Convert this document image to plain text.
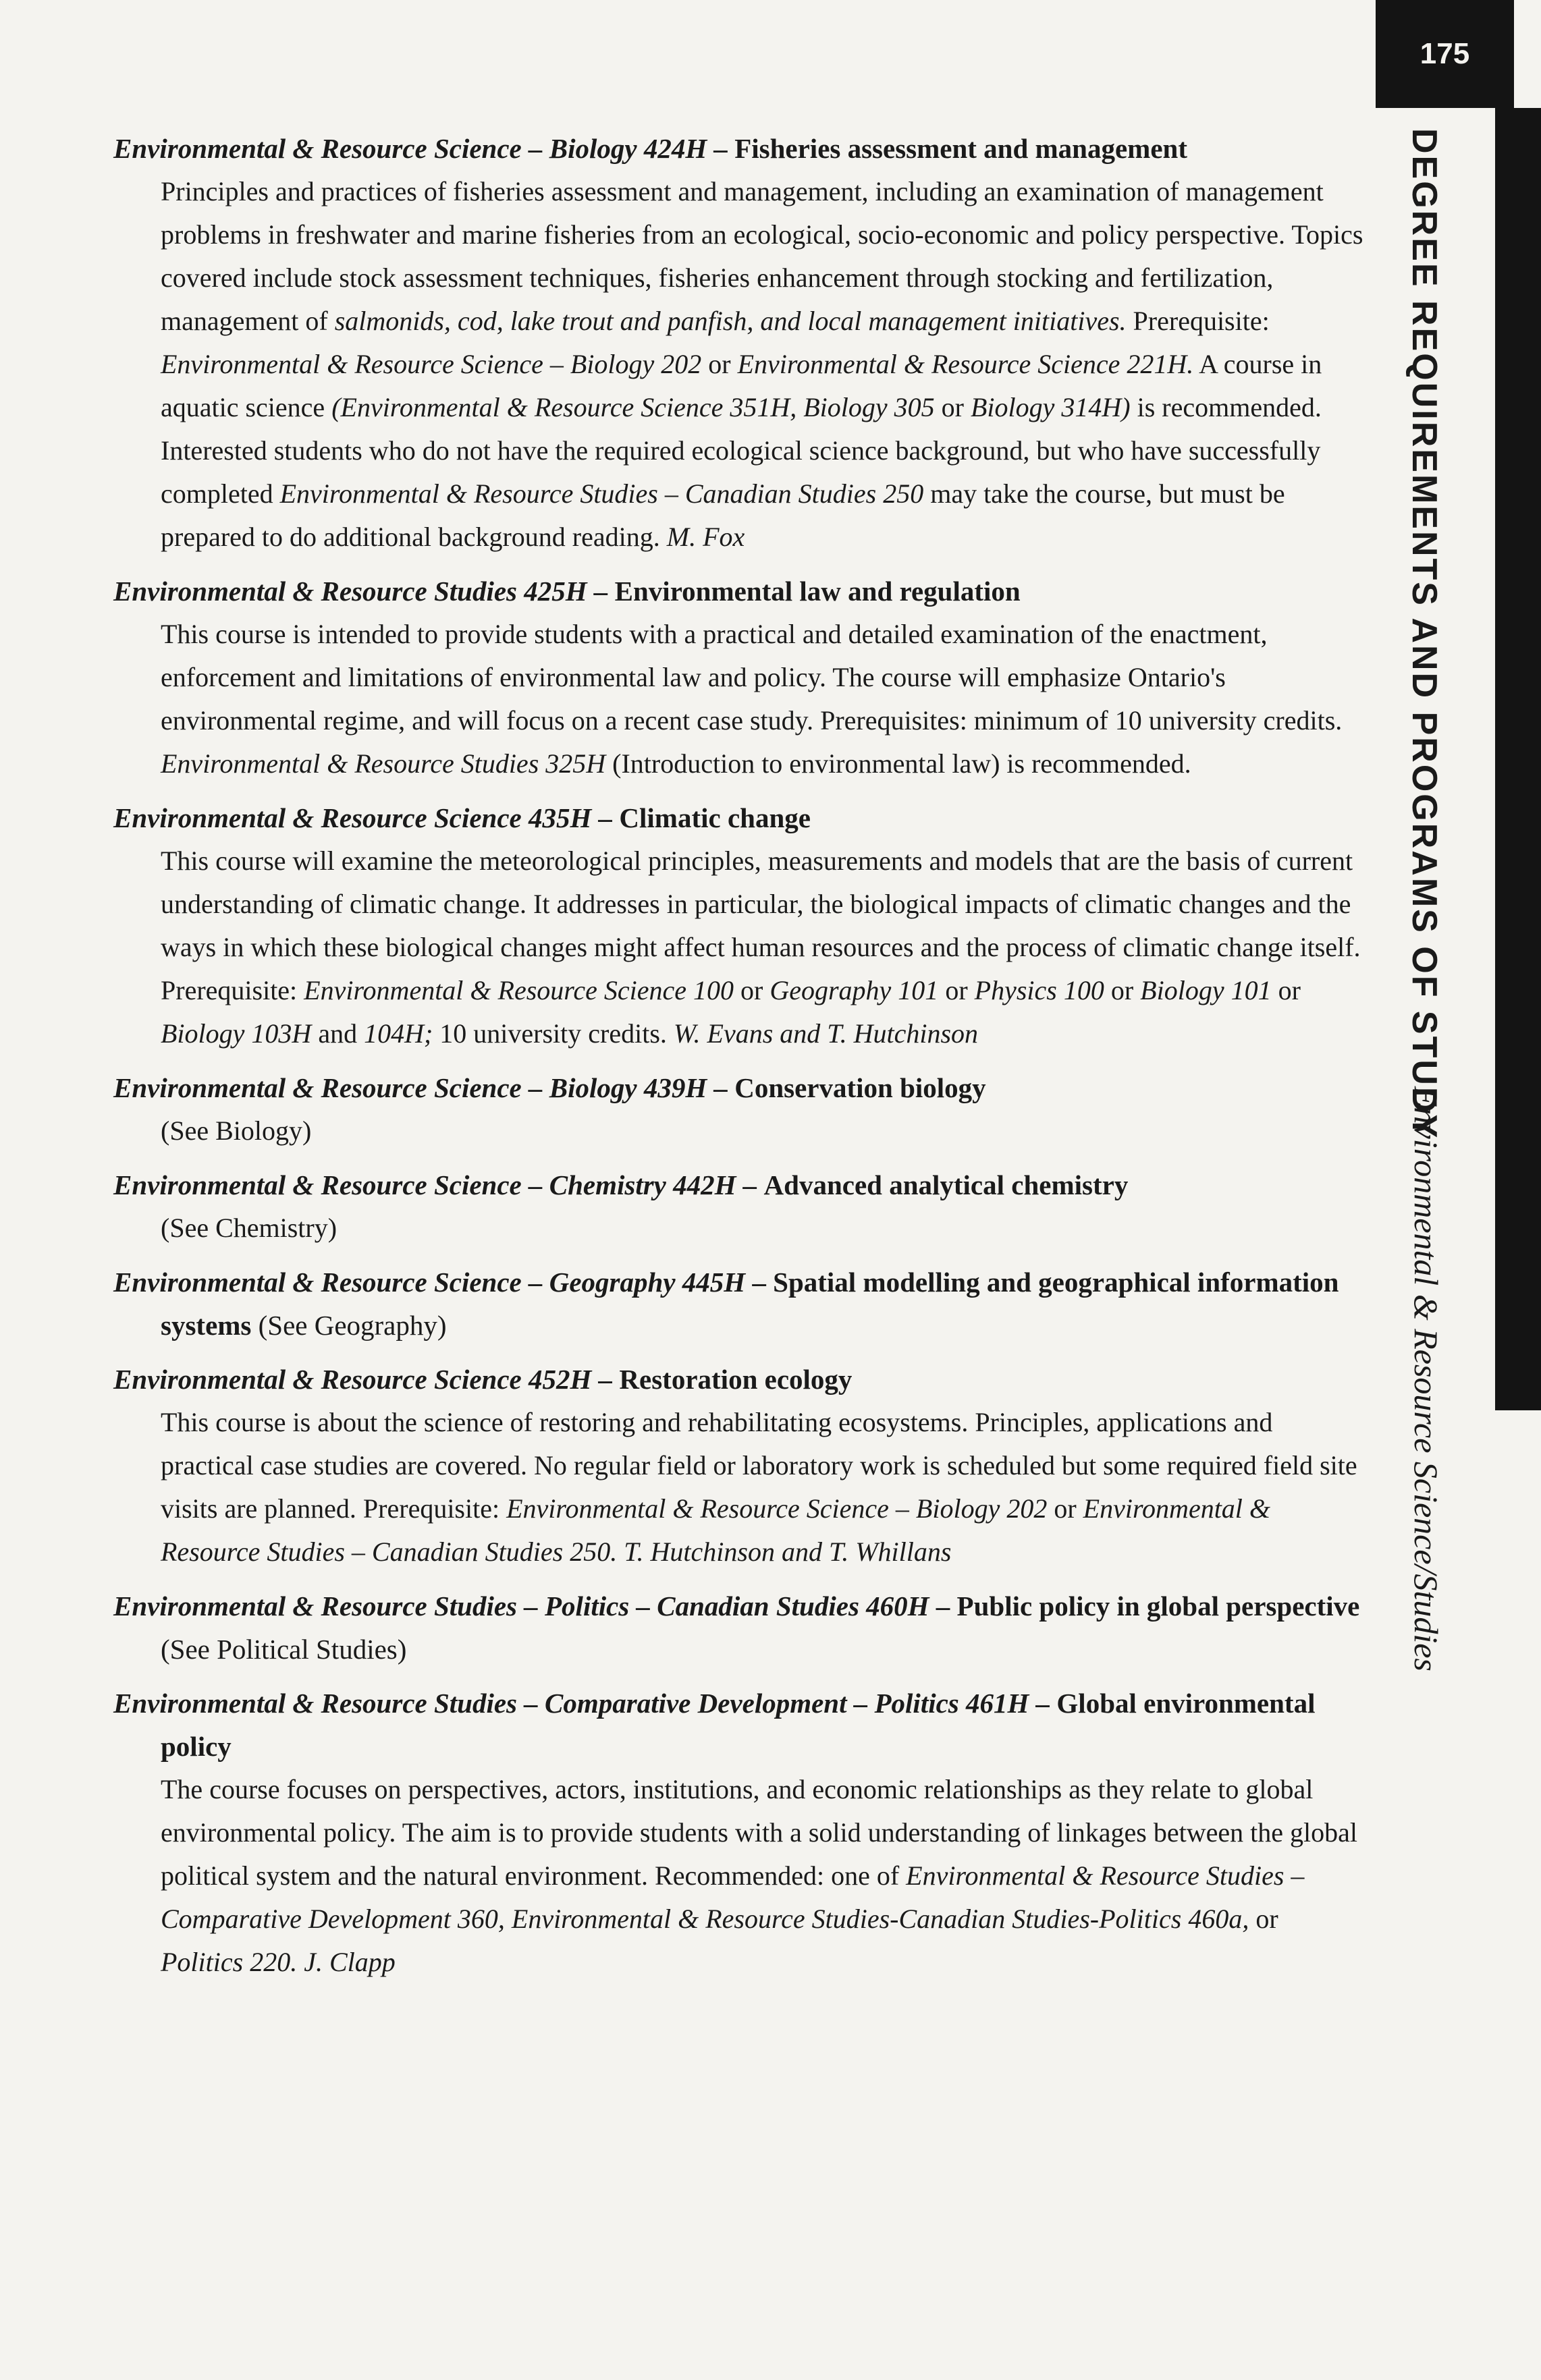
175
DEGREE REQUIREMENTS AND PROGRAMS OF STUDY
Environmental & Resource Science/Studies
Environmental & Resource Science – Biology 424H – Fisheries assessment and management
Principles and practices of fisheries assessment and management, including an examination of management problems in freshwater and marine fisheries from an ecological, socio-economic and policy perspective. Topics covered include stock assessment techniques, fisheries enhancement through stocking and fertilization, management of salmonids, cod, lake trout and panfish, and local management initiatives. Prerequisite: Environmental & Resource Science – Biology 202 or Environmental & Resource Science 221H. A course in aquatic science (Environmental & Resource Science 351H, Biology 305 or Biology 314H) is recommended. Interested students who do not have the required ecological science background, but who have successfully completed Environmental & Resource Studies – Canadian Studies 250 may take the course, but must be prepared to do additional background reading. M. Fox
Environmental & Resource Studies 425H – Environmental law and regulation
This course is intended to provide students with a practical and detailed examination of the enactment, enforcement and limitations of environmental law and policy. The course will emphasize Ontario's environmental regime, and will focus on a recent case study. Prerequisites: minimum of 10 university credits. Environmental & Resource Studies 325H (Introduction to environmental law) is recommended.
Environmental & Resource Science 435H – Climatic change
This course will examine the meteorological principles, measurements and models that are the basis of current understanding of climatic change. It addresses in particular, the biological impacts of climatic changes and the ways in which these biological changes might affect human resources and the process of climatic change itself. Prerequisite: Environmental & Resource Science 100 or Geography 101 or Physics 100 or Biology 101 or Biology 103H and 104H; 10 university credits. W. Evans and T. Hutchinson
Environmental & Resource Science – Biology 439H – Conservation biology
(See Biology)
Environmental & Resource Science – Chemistry 442H – Advanced analytical chemistry
(See Chemistry)
Environmental & Resource Science – Geography 445H – Spatial modelling and geographical information systems (See Geography)
Environmental & Resource Science 452H – Restoration ecology
This course is about the science of restoring and rehabilitating ecosystems. Principles, applications and practical case studies are covered. No regular field or laboratory work is scheduled but some required field site visits are planned. Prerequisite: Environmental & Resource Science – Biology 202 or Environmental & Resource Studies – Canadian Studies 250. T. Hutchinson and T. Whillans
Environmental & Resource Studies – Politics – Canadian Studies 460H – Public policy in global perspective (See Political Studies)
Environmental & Resource Studies – Comparative Development – Politics 461H – Global environmental policy
The course focuses on perspectives, actors, institutions, and economic relationships as they relate to global environmental policy. The aim is to provide students with a solid understanding of linkages between the global political system and the natural environment. Recommended: one of Environmental & Resource Studies – Comparative Development 360, Environmental & Resource Studies-Canadian Studies-Politics 460a, or Politics 220. J. Clapp
